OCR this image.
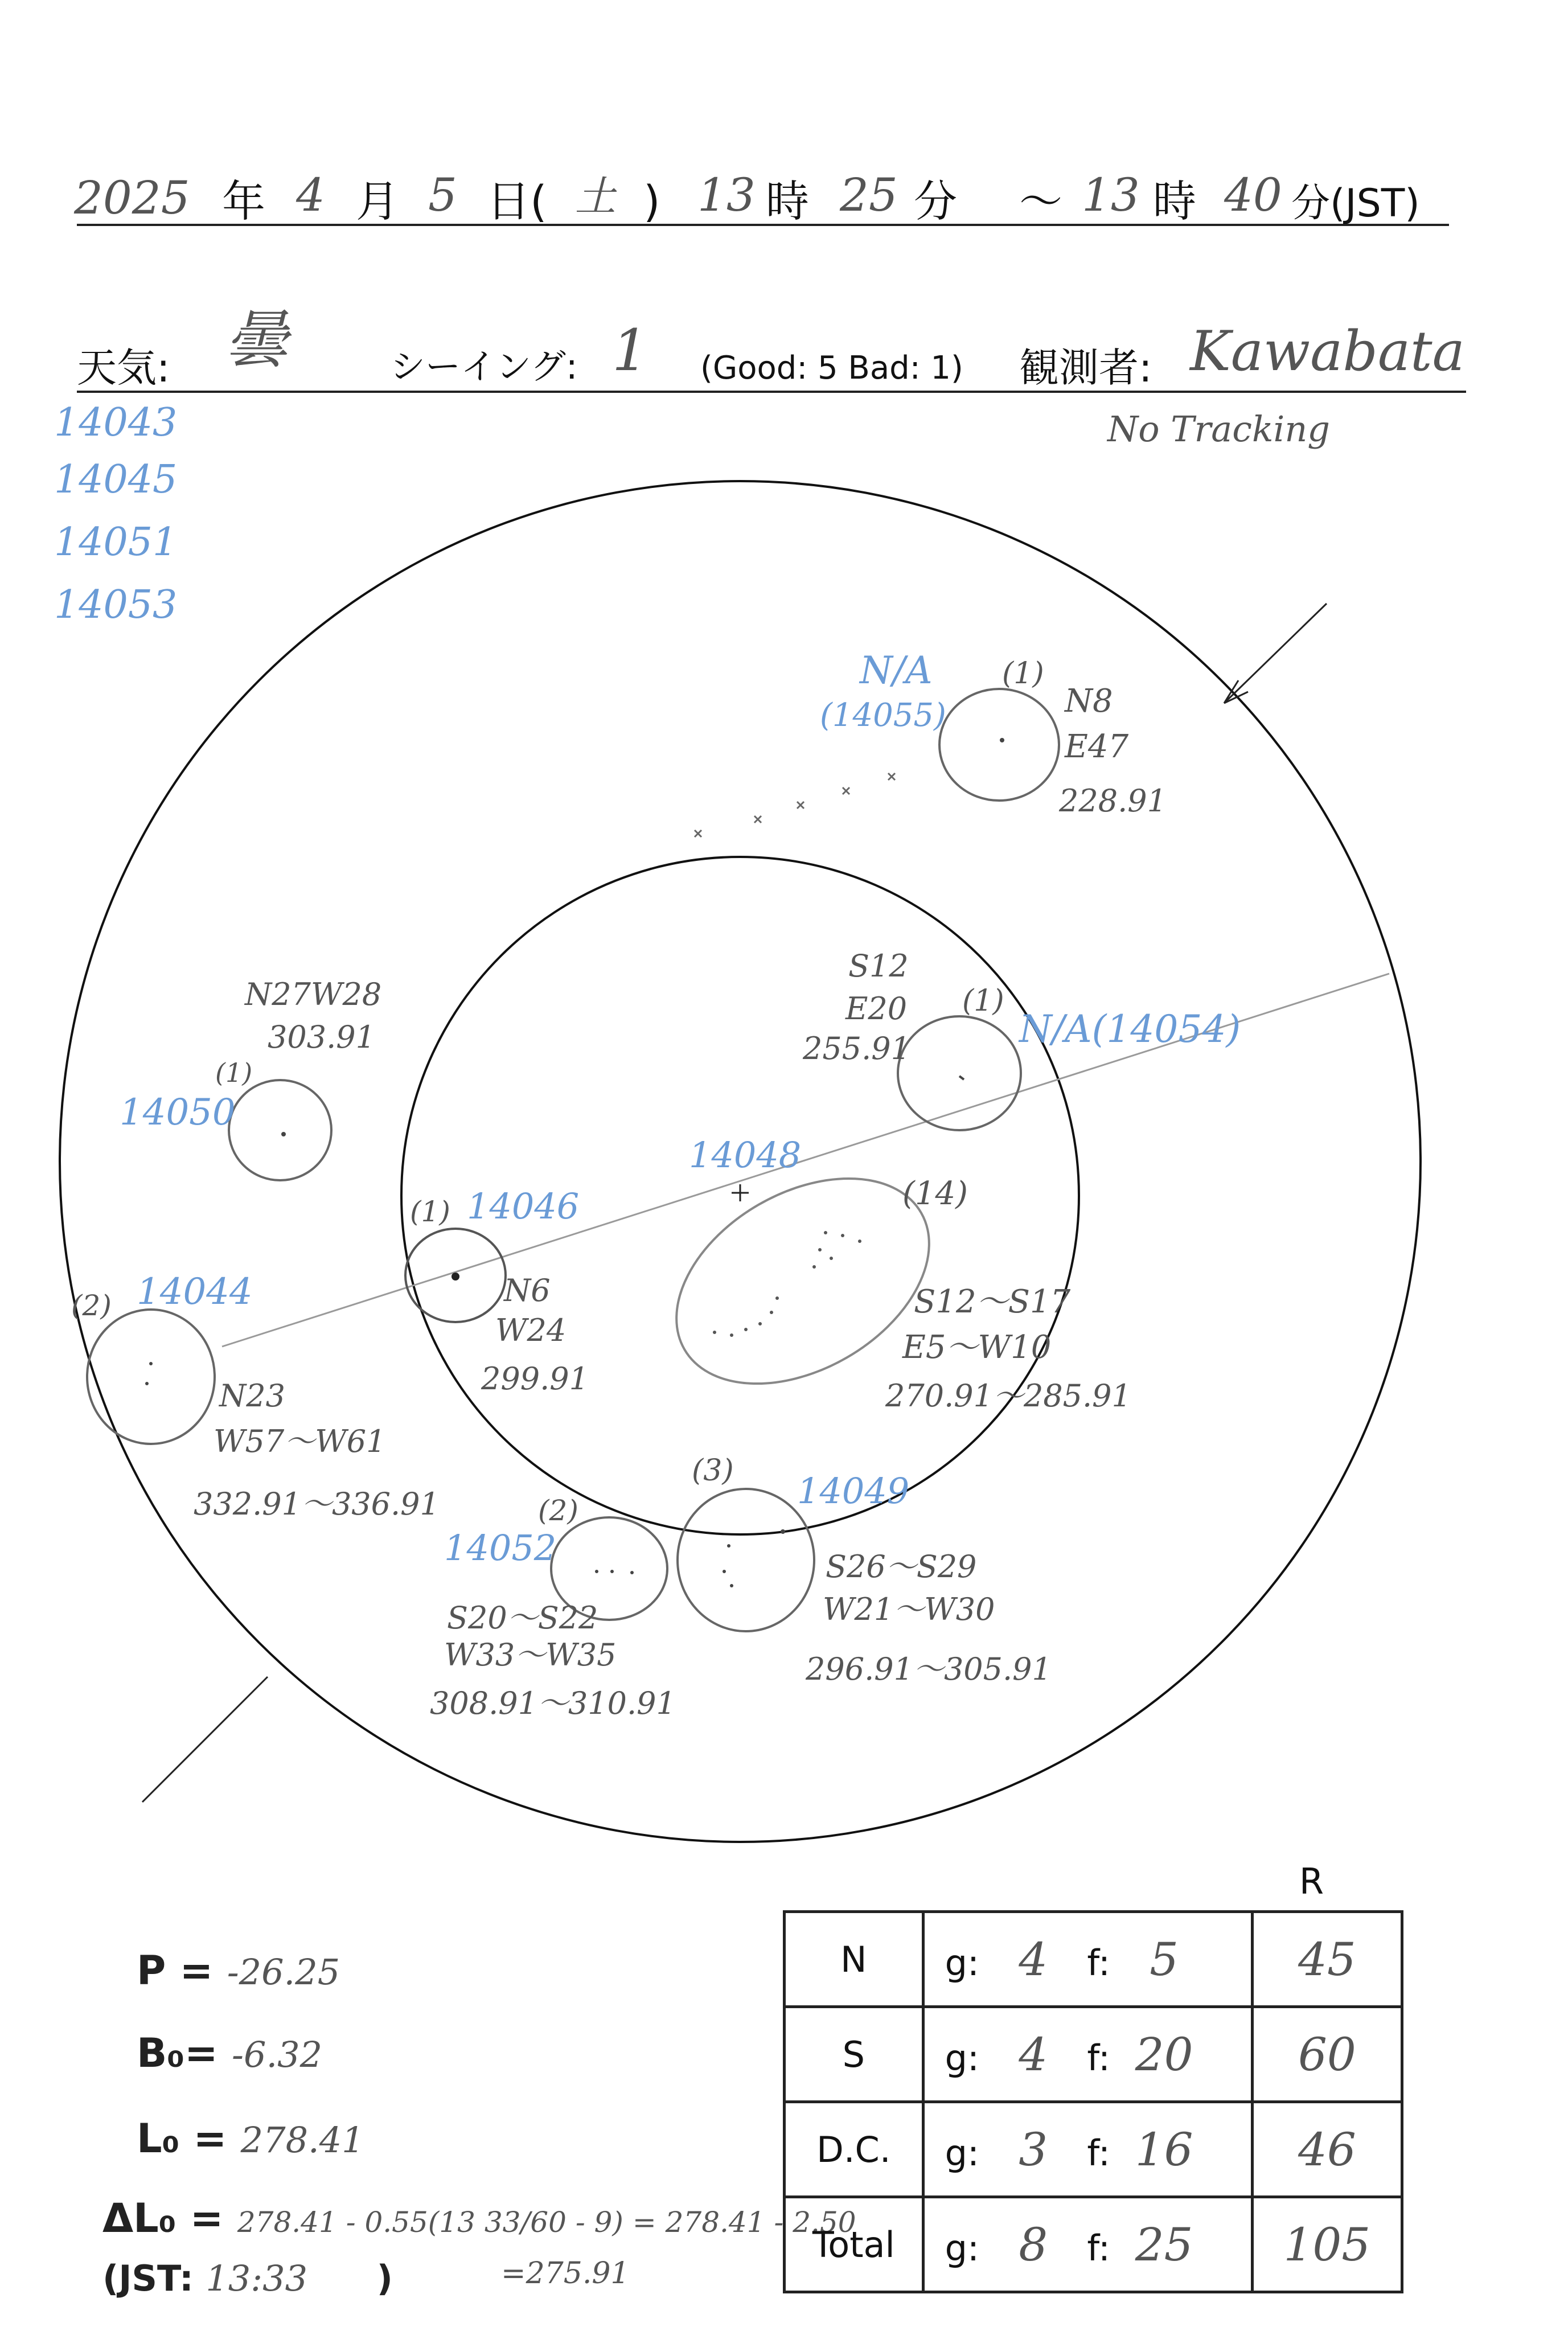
2025 年 4 月 5 日( 土 ) 13 時 25 分 ～ 13 時 40 分(JST)
天気: 曇	シーイング: 1 (Good: 5 Bad: 1) 観測者: Kawabata
No Tracking
14043
14045
14051
14053
N/A
(14055)
(1)
N8
E47
228.91
S12
E20
255.91
(1)
N/A(14054)
N27W28
303.91
(1)
14050
14048
(14)
S12～S17
E5～W10
270.91～285.91
(1) 14046
N6
W24
299.91
(2) 14044
N23
W57～W61
332.91～336.91	(2)
14052
S20～S22
W33～W35
308.91～310.91
(3) 14049
S26～S29
W21～W30
296.91～305.91
P = -26.25
B₀= -6.32
L₀ = 278.41
ΔL₀ = 278.41 - 0.55(13 33/60 - 9) = 278.41 - 2.50
=275.91
(JST: 13:33 )
R
N	g: 4 f: 5	45
S	g: 4 f: 20	60
D.C.	g: 3 f: 16	46
Total	g: 8 f: 25	105
